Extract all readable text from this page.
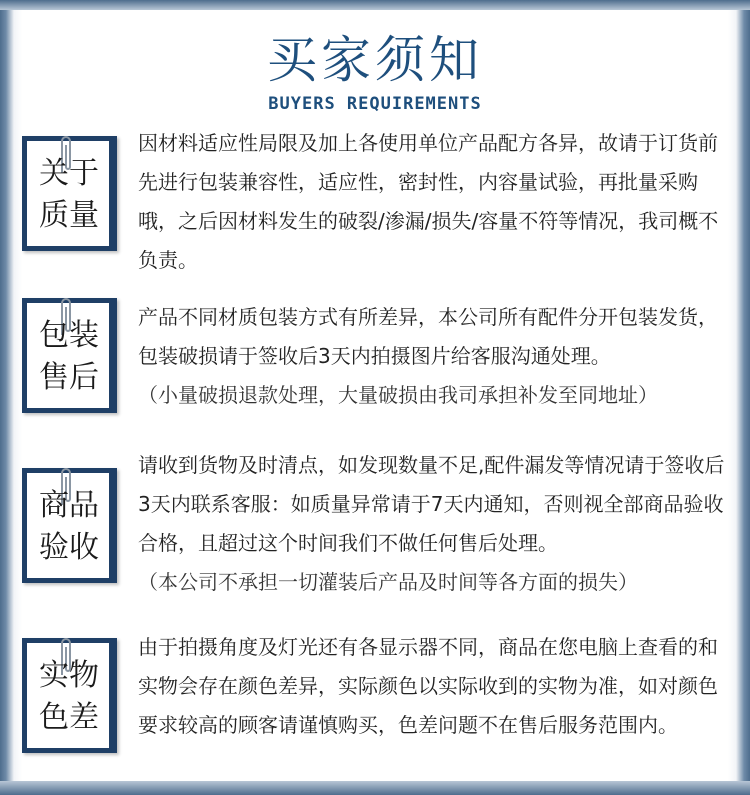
买家须知
BUYERS REQUIREMENTS
关于
质量

因材料适应性局限及加上各使用单位产品配方各异，故请于订货前先进行包装兼容性，适应性，密封性，内容量试验，再批量采购哦，之后因材料发生的破裂/渗漏/损失/容量不符等情况，我司概不负责。

包装
售后

产品不同材质包装方式有所差异，本公司所有配件分开包装发货，包装破损请于签收后3天内拍摄图片给客服沟通处理。

（小量破损退款处理，大量破损由我司承担补发至同地址）

商品
验收

请收到货物及时清点，如发现数量不足,配件漏发等情况请于签收后3天内联系客服：如质量异常请于7天内通知，否则视全部商品验收合格，且超过这个时间我们不做任何售后处理。

（本公司不承担一切灌装后产品及时间等各方面的损失）

实物
色差

由于拍摄角度及灯光还有各显示器不同，商品在您电脑上查看的和实物会存在颜色差异，实际颜色以实际收到的实物为准，如对颜色要求较高的顾客请谨慎购买，色差问题不在售后服务范围内。
